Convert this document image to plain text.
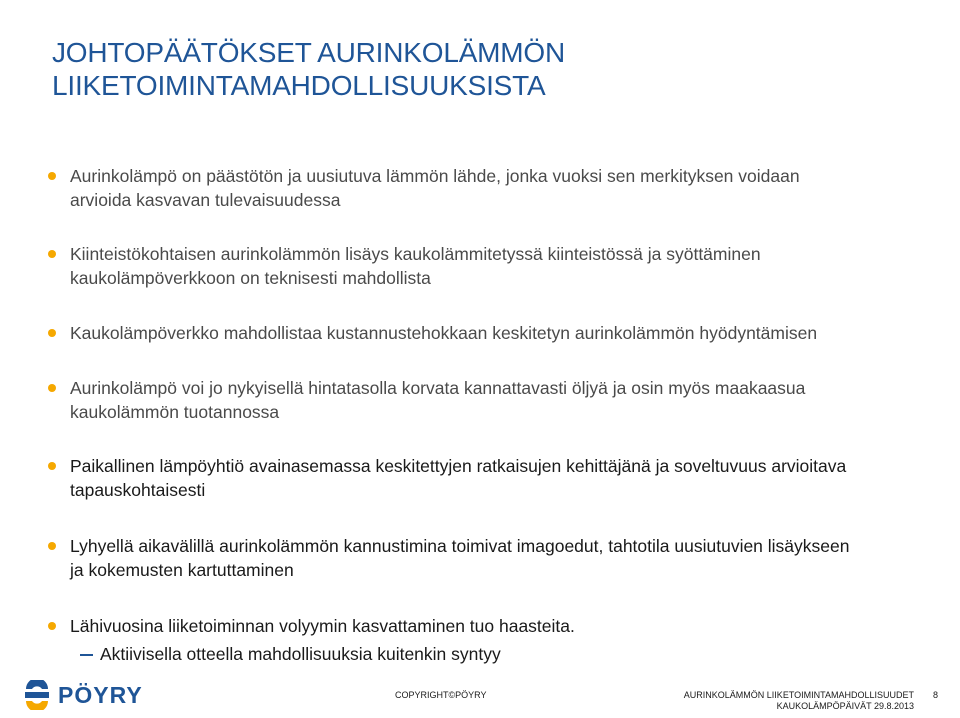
JOHTOPÄÄTÖKSET AURINKOLÄMMÖN
LIIKETOIMINTAMAHDOLLISUUKSISTA
Aurinkolämpö on päästötön ja uusiutuva lämmön lähde, jonka vuoksi sen merkityksen voidaan
arvioida kasvavan tulevaisuudessa
Kiinteistökohtaisen aurinkolämmön lisäys kaukolämmitetyssä kiinteistössä ja syöttäminen
kaukolämpöverkkoon on teknisesti mahdollista
Kaukolämpöverkko mahdollistaa kustannustehokkaan keskitetyn aurinkolämmön hyödyntämisen
Aurinkolämpö voi jo nykyisellä hintatasolla korvata kannattavasti öljyä ja osin myös maakaasua
kaukolämmön tuotannossa
Paikallinen lämpöyhtiö avainasemassa keskitettyjen ratkaisujen kehittäjänä ja soveltuvuus arvioitava
tapauskohtaisesti
Lyhyellä aikavälillä aurinkolämmön kannustimina toimivat imagoedut, tahtotila uusiutuvien lisäykseen
ja kokemusten kartuttaminen
Lähivuosina liiketoiminnan volyymin kasvattaminen tuo haasteita.
Aktiivisella otteella mahdollisuuksia kuitenkin syntyy
PÖYRY	COPYRIGHT©PÖYRY	AURINKOLÄMMÖN LIIKETOIMINTAMAHDOLLISUUDET
KAUKOLÄMPÖPÄIVÄT 29.8.2013
8
